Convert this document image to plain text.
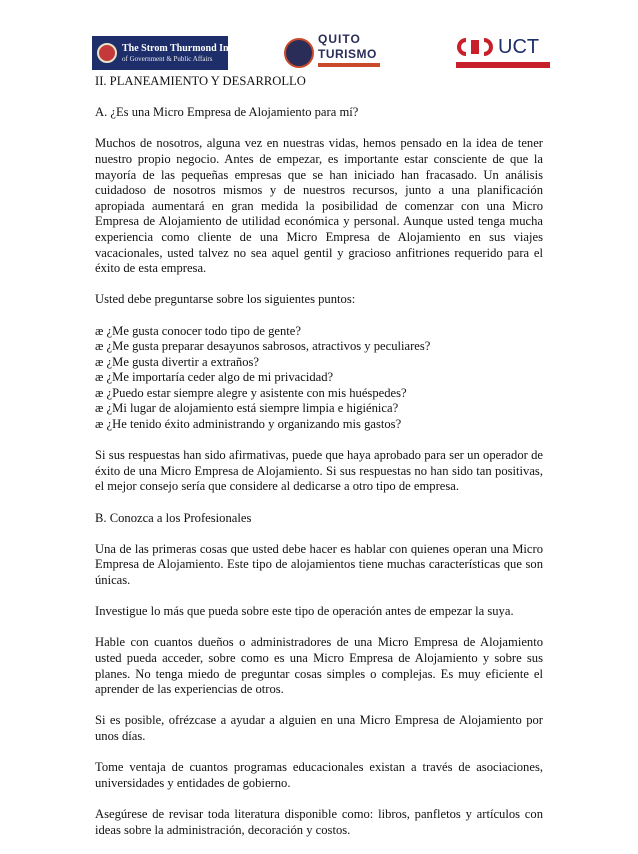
The Strom Thurmond Institute
of Government & Public Affairs
QUITO
TURISMO	UCT

II. PLANEAMIENTO Y DESARROLLO

A. ¿Es una Micro Empresa de Alojamiento para mí?

Muchos de nosotros, alguna vez en nuestras vidas, hemos pensado en la idea de tener
nuestro propio negocio. Antes de empezar, es importante estar consciente de que la
mayoría de las pequeñas empresas que se han iniciado han fracasado. Un análisis
cuidadoso de nosotros mismos y de nuestros recursos, junto a una planificación
apropiada aumentará en gran medida la posibilidad de comenzar con una Micro
Empresa de Alojamiento de utilidad económica y personal. Aunque usted tenga mucha
experiencia como cliente de una Micro Empresa de Alojamiento en sus viajes
vacacionales, usted talvez no sea aquel gentil y gracioso anfitriones requerido para el
éxito de esta empresa.

Usted debe preguntarse sobre los siguientes puntos:

æ ¿Me gusta conocer todo tipo de gente?
æ ¿Me gusta preparar desayunos sabrosos, atractivos y peculiares?
æ ¿Me gusta divertir a extraños?
æ ¿Me importaría ceder algo de mi privacidad?
æ ¿Puedo estar siempre alegre y asistente con mis huéspedes?
æ ¿Mi lugar de alojamiento está siempre limpia e higiénica?
æ ¿He tenido éxito administrando y organizando mis gastos?

Si sus respuestas han sido afirmativas, puede que haya aprobado para ser un operador de
éxito de una Micro Empresa de Alojamiento. Si sus respuestas no han sido tan positivas,
el mejor consejo sería que considere al dedicarse a otro tipo de empresa.

B. Conozca a los Profesionales

Una de las primeras cosas que usted debe hacer es hablar con quienes operan una Micro
Empresa de Alojamiento. Este tipo de alojamientos tiene muchas características que son
únicas.

Investigue lo más que pueda sobre este tipo de operación antes de empezar la suya.

Hable con cuantos dueños o administradores de una Micro Empresa de Alojamiento
usted pueda acceder, sobre como es una Micro Empresa de Alojamiento y sobre sus
planes. No tenga miedo de preguntar cosas simples o complejas. Es muy eficiente el
aprender de las experiencias de otros.

Si es posible, ofrézcase a ayudar a alguien en una Micro Empresa de Alojamiento por
unos días.

Tome ventaja de cuantos programas educacionales existan a través de asociaciones,
universidades y entidades de gobierno.

Asegúrese de revisar toda literatura disponible como: libros, panfletos y artículos con
ideas sobre la administración, decoración y costos.
